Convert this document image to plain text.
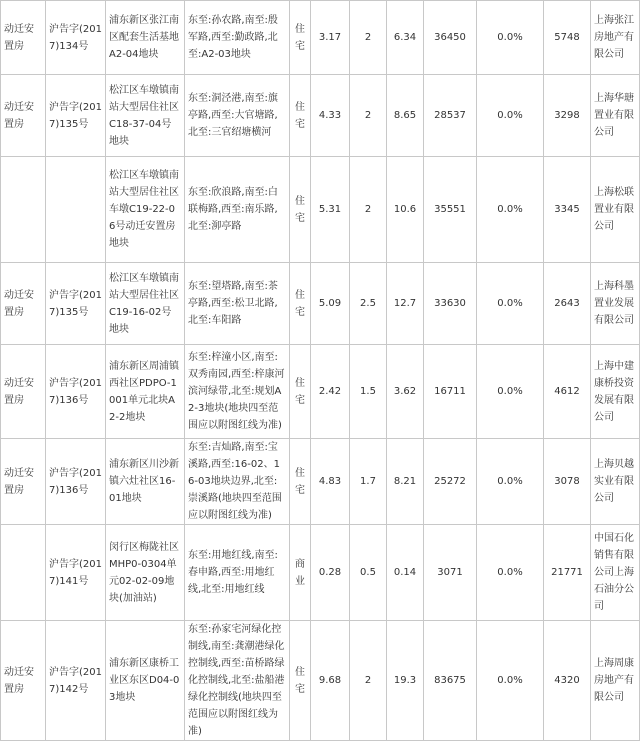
动迁安置房	沪告字(2017)134号	浦东新区张江南区配套生活基地A2-04地块	东至:孙农路,南至:殷军路,西至:勤政路,北至:A2-03地块	住宅	3.17	2	6.34	36450	0.0%	5748	上海张江房地产有限公司
动迁安置房	沪告字(2017)135号	松江区车墩镇南站大型居住社区C18-37-04号地块	东至:洞泾港,南至:旗亭路,西至:大官塘路,北至:三官绍塘横河	住宅	4.33	2	8.65	28537	0.0%	3298	上海华瑭置业有限公司
		松江区车墩镇南站大型居住社区车墩C19-22-06号动迁安置房地块	东至:欣浪路,南至:白联梅路,西至:南乐路,北至:泖亭路	住宅	5.31	2	10.6	35551	0.0%	3345	上海松联置业有限公司
动迁安置房	沪告字(2017)135号	松江区车墩镇南站大型居住社区C19-16-02号地块	东至:望塔路,南至:茶亭路,西至:松卫北路,北至:车阳路	住宅	5.09	2.5	12.7	33630	0.0%	2643	上海科墨置业发展有限公司
动迁安置房	沪告字(2017)136号	浦东新区周浦镇西社区PDPO-1001单元北块A2-2地块	东至:梓潼小区,南至:双秀南园,西至:梓康河滨河绿带,北至:规划A2-3地块(地块四至范围应以附图红线为准)	住宅	2.42	1.5	3.62	16711	0.0%	4612	上海中建康桥投资发展有限公司
动迁安置房	沪告字(2017)136号	浦东新区川沙新镇六灶社区16-01地块	东至:吉灿路,南至:宝溪路,西至:16-02、16-03地块边界,北至:崇溪路(地块四至范围应以附图红线为准)	住宅	4.83	1.7	8.21	25272	0.0%	3078	上海贝越实业有限公司
	沪告字(2017)141号	闵行区梅陇社区MHP0-0304单元02-02-09地块(加油站)	东至:用地红线,南至:春申路,西至:用地红线,北至:用地红线	商业	0.28	0.5	0.14	3071	0.0%	21771	中国石化销售有限公司上海石油分公司
动迁安置房	沪告字(2017)142号	浦东新区康桥工业区东区D04-03地块	东至:孙家宅河绿化控制线,南至:龚潮港绿化控制线,西至:苗桥路绿化控制线,北至:盐船港绿化控制线(地块四至范围应以附图红线为准)	住宅	9.68	2	19.3	83675	0.0%	4320	上海周康房地产有限公司
